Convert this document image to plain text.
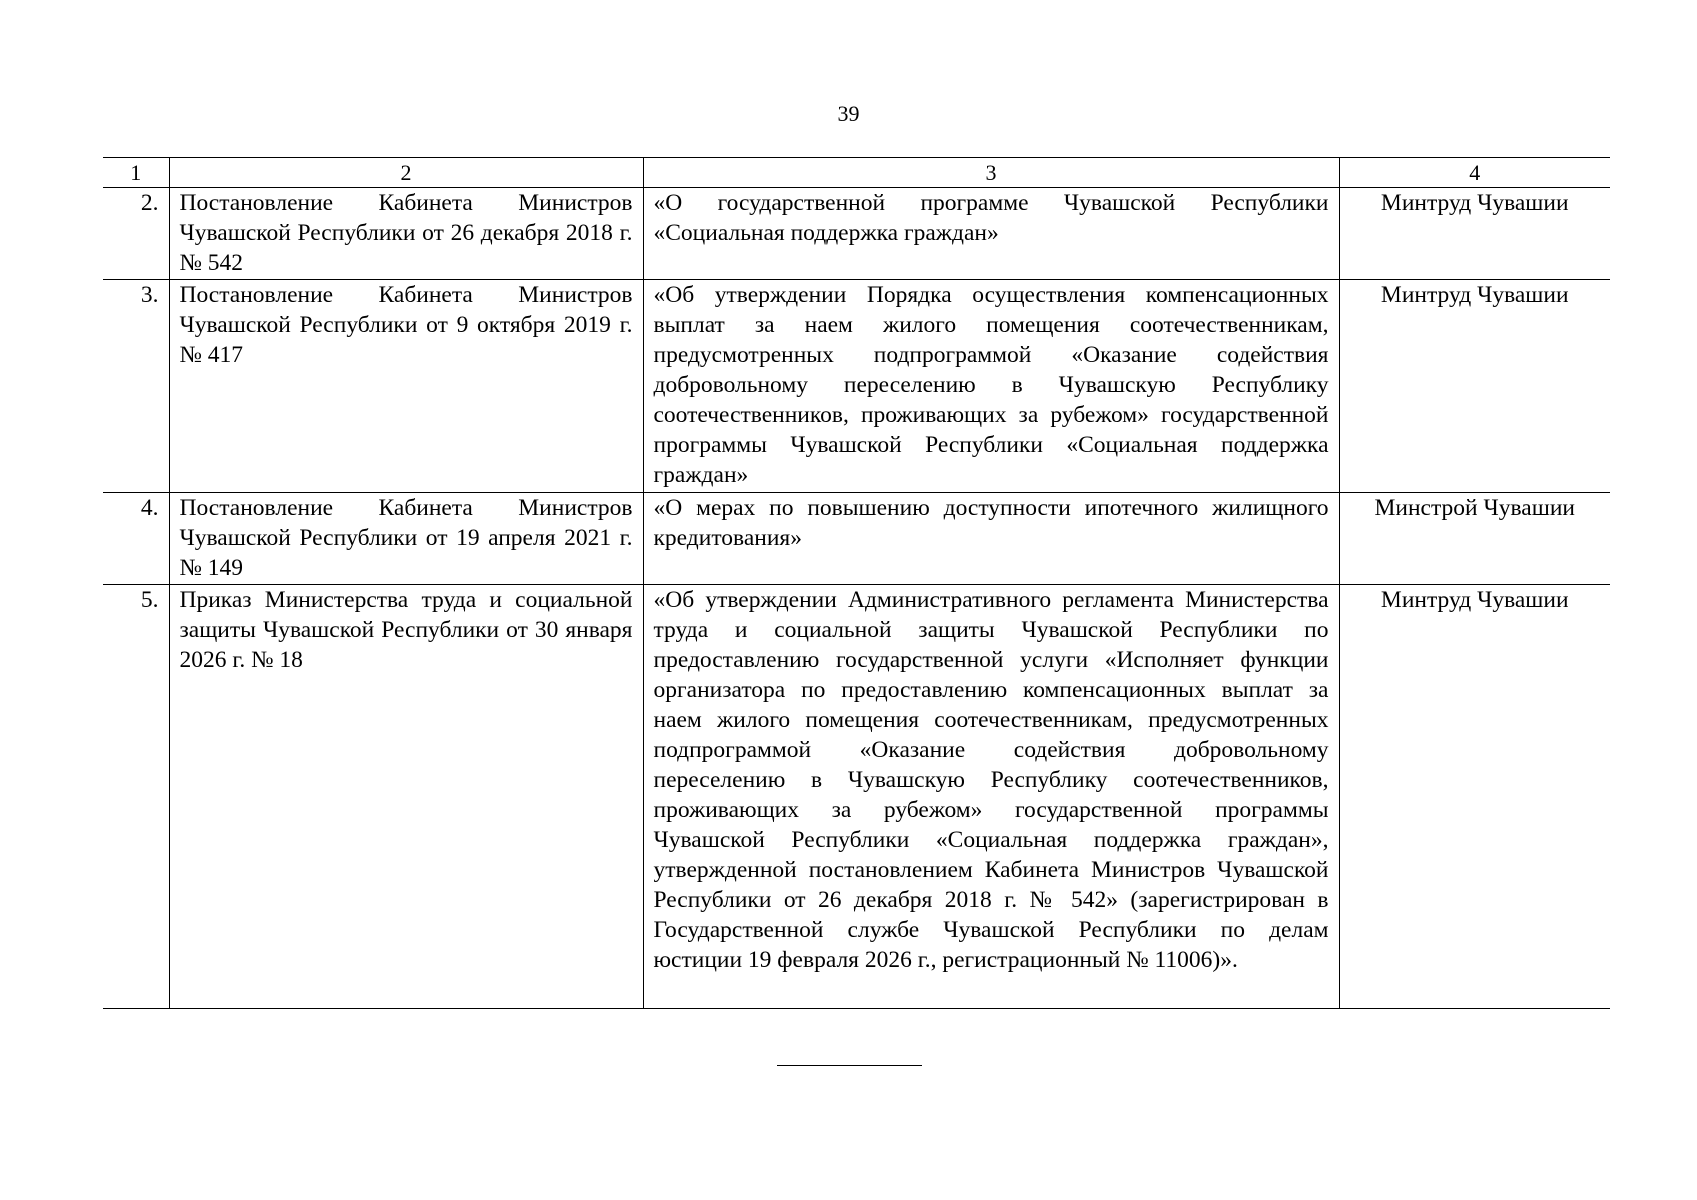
39
1	2	3	4
2.	Постановление Кабинета Министров Чувашской Республики от 26 декабря 2018 г. № 542	«О государственной программе Чувашской Республики «Социальная поддержка граждан»	Минтруд Чувашии
3.	Постановление Кабинета Министров Чувашской Республики от 9 октября 2019 г. № 417	«Об утверждении Порядка осуществления компенсационных выплат за наем жилого помещения соотечественникам, предусмотренных подпрограммой «Оказание содействия добровольному переселению в Чувашскую Республику соотечественников, проживающих за рубежом» государственной программы Чувашской Республики «Социальная поддержка граждан»	Минтруд Чувашии
4.	Постановление Кабинета Министров Чувашской Республики от 19 апреля 2021 г. № 149	«О мерах по повышению доступности ипотечного жилищного кредитования»	Минстрой Чувашии
5.	Приказ Министерства труда и социальной защиты Чувашской Республики от 30 января 2026 г. № 18	«Об утверждении Административного регламента Министерства труда и социальной защиты Чувашской Республики по предоставлению государственной услуги «Исполняет функции организатора по предоставлению компенсационных выплат за наем жилого помещения соотечественникам, предусмотренных подпрограммой «Оказание содействия добровольному переселению в Чувашскую Республику соотечественников, проживающих за рубежом» государственной программы Чувашской Республики «Социальная поддержка граждан», утвержденной постановлением Кабинета Министров Чувашской Республики от 26 декабря 2018 г. № 542» (зарегистрирован в Государственной службе Чувашской Республики по делам юстиции 19 февраля 2026 г., регистрационный № 11006)».	Минтруд Чувашии
